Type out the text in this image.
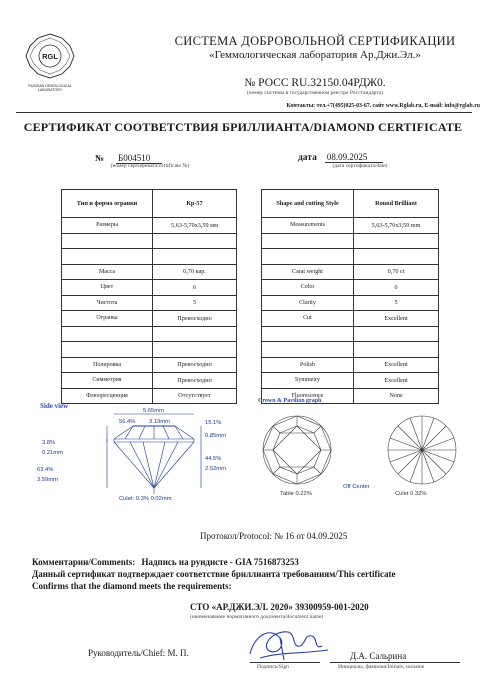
RGL
RUSSIAN GEMOLOGICAL LABORATORY
СИСТЕМА ДОБРОВОЛЬНОЙ СЕРТИФИКАЦИИ
«Геммологическая лаборатория Ар.Джи.Эл.»
№ РОСС RU.32150.04РДЖ0.
(номер системы в государственном реестре Росстандарта)
Контакты: тел.+7(495)025-03-67, сайт www.Rglab.ru, E-mail: info@rglab.ru
СЕРТИФИКАТ СООТВЕТСТВИЯ БРИЛЛИАНТА/DIAMOND CERTIFICATE
№ Б004510
(номер сертификата/certificate №)
дата 08.09.2025
(дата сертификата/date)
Тип и форма огранки	Кр-57
Размеры	5,63-5,70х3,59 мм

Масса	0,70 кар.
Цвет	6
Чистота	5
Огранка	Превосходно

Полировка	Превосходно
Симметрия	Превосходно
Флюоресценция	Отсутствует
Shape and cutting Style	Round Brilliant
Measurements	5,63-5,70x3,59 mm

Carat weight	0,70 ct
Color	6
Clarity	5
Cut	Excellent

Polish	Excellent
Symmetry	Excellent
Fluorescence	None
Side view
5.65mm
56.4% 3.19mm	15.1%
0.85mm
3.8%
0.21mm
44.5%
2.52mm
63.4%
3.59mm
Culet: 0.3% 0.02mm
Crown & Pavilion graph
Table 0.22%
Off Center
Culet 0.32%
Протокол/Protocol: № 16 от 04.09.2025
Комментарии/Comments: Надпись на рундисте - GIA 7516873253
Данный сертификат подтверждает соответствие бриллианта требованиям/This certificate
Confirms that the diamond meets the requirements:
СТО «АР.ДЖИ.ЭЛ. 2020» 39300959-001-2020
(наименование нормативного документа/document name)
Руководитель/Chief: М. П.
Подпись/Sign
Д.А. Сальрина
Инициалы, фамилия/Initials, surname
